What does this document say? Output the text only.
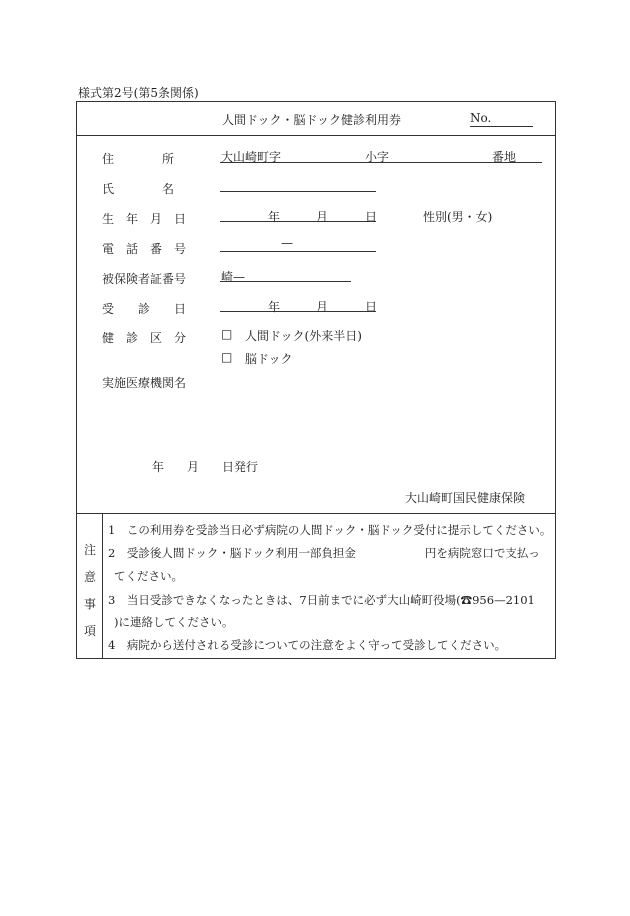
様式第2号(第5条関係)
人間ドック・脳ドック健診利用券	No.
住　　　　所	大山崎町字	小字	番地
氏　　　　名
生　年　月　日	年	月	日	性別(男・女)
電　話　番　号	—
被保険者証番号	崎—
受　　診　　日	年	月	日
健　診　区　分	□ 人間ドック(外来半日)
□ 脳ドック
実施医療機関名
年 月 日発行
大山崎町国民健康保険
注
意
事
項
1　この利用券を受診当日必ず病院の人間ドック・脳ドック受付に提示してください。
2　受診後人間ドック・脳ドック利用一部負担金　　　　　　円を病院窓口で支払っ
てください。
3　当日受診できなくなったときは、7日前までに必ず大山崎町役場(☎956—2101
)に連絡してください。
4　病院から送付される受診についての注意をよく守って受診してください。
